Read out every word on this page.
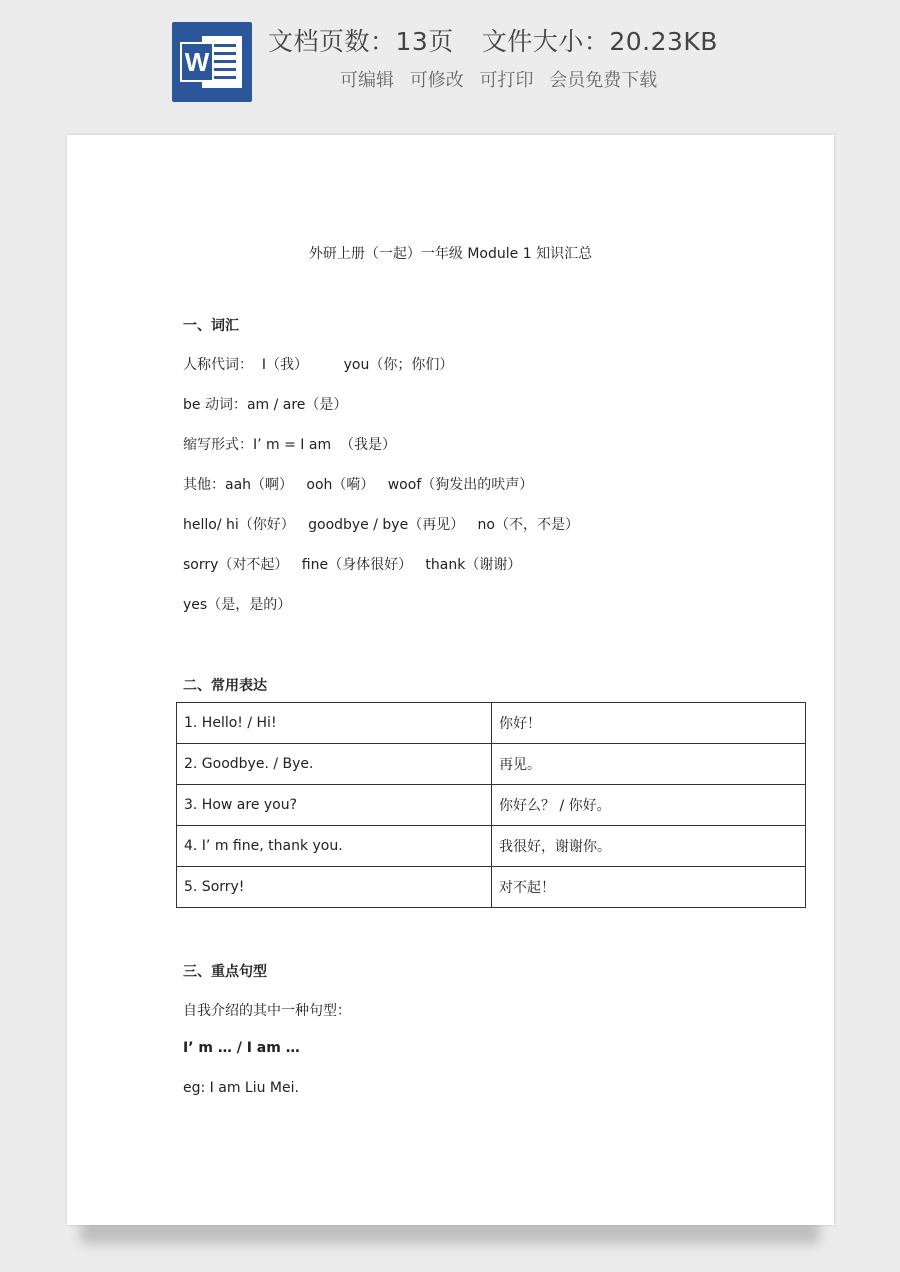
W
文档页数：13页 文件大小：20.23KB
可编辑 可修改 可打印 会员免费下载
外研上册（一起）一年级 Module 1 知识汇总
一、词汇
人称代词：  I（我）        you（你；你们）
be 动词：am / are（是）
缩写形式：I’ m = I am  （我是）
其他：aah（啊）   ooh（嗬）   woof（狗发出的吠声）
hello/ hi（你好）   goodbye / bye（再见）   no（不，不是）
sorry（对不起）   fine（身体很好）   thank（谢谢）
yes（是，是的）
二、常用表达
1. Hello! / Hi!	你好！
2. Goodbye. / Bye.	再见。
3. How are you?	你好么？ / 你好。
4. I’ m fine, thank you.	我很好，谢谢你。
5. Sorry!	对不起！
三、重点句型
自我介绍的其中一种句型：
I’ m … / I am …
eg: I am Liu Mei.
